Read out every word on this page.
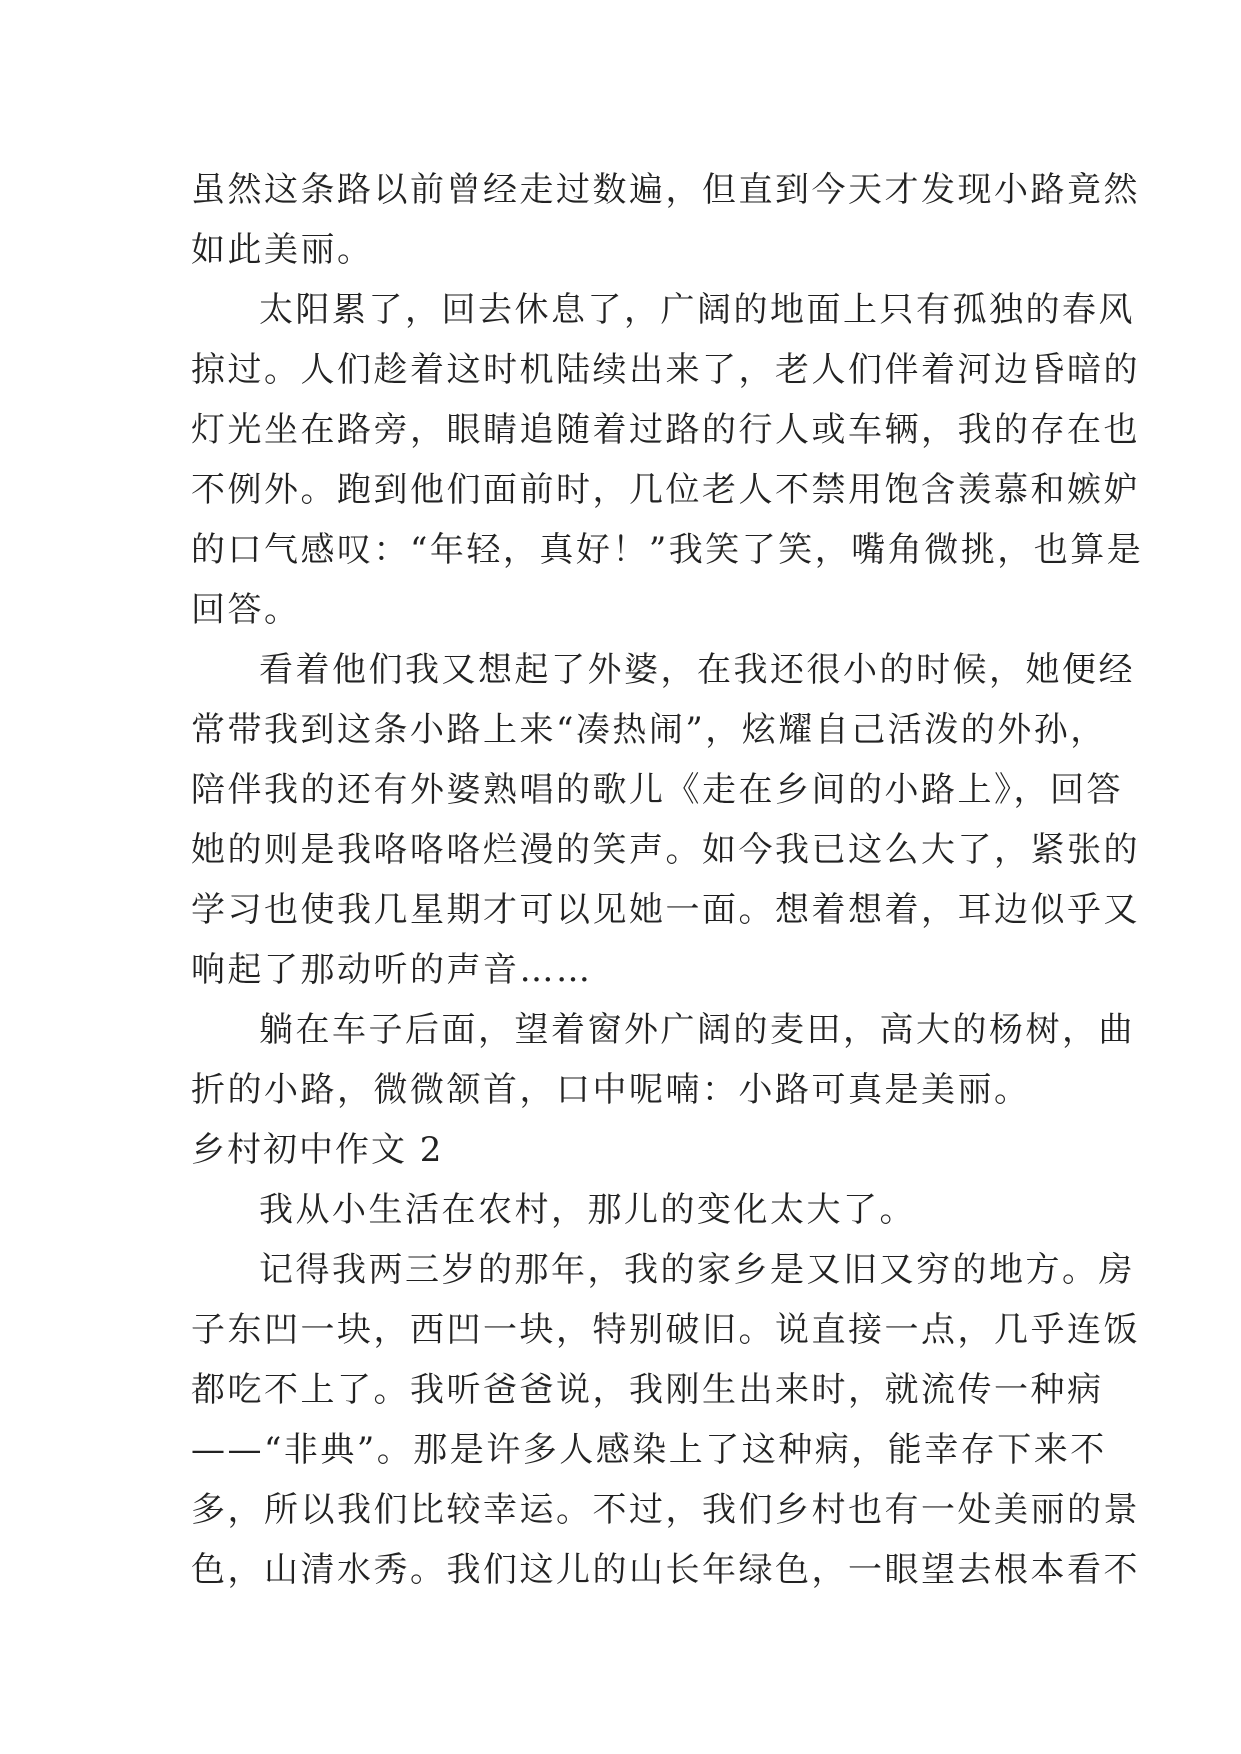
虽然这条路以前曾经走过数遍，但直到今天才发现小路竟然
如此美丽。
太阳累了，回去休息了，广阔的地面上只有孤独的春风
掠过。人们趁着这时机陆续出来了，老人们伴着河边昏暗的
灯光坐在路旁，眼睛追随着过路的行人或车辆，我的存在也
不例外。跑到他们面前时，几位老人不禁用饱含羡慕和嫉妒
的口气感叹：“年轻，真好！”我笑了笑，嘴角微挑，也算是
回答。
看着他们我又想起了外婆，在我还很小的时候，她便经
常带我到这条小路上来“凑热闹”，炫耀自己活泼的外孙，
陪伴我的还有外婆熟唱的歌儿《走在乡间的小路上》，回答
她的则是我咯咯咯烂漫的笑声。如今我已这么大了，紧张的
学习也使我几星期才可以见她一面。想着想着，耳边似乎又
响起了那动听的声音……
躺在车子后面，望着窗外广阔的麦田，高大的杨树，曲
折的小路，微微颔首，口中呢喃：小路可真是美丽。
乡村初中作文 2
我从小生活在农村，那儿的变化太大了。
记得我两三岁的那年，我的家乡是又旧又穷的地方。房
子东凹一块，西凹一块，特别破旧。说直接一点，几乎连饭
都吃不上了。我听爸爸说，我刚生出来时，就流传一种病
——“非典”。那是许多人感染上了这种病，能幸存下来不
多，所以我们比较幸运。不过，我们乡村也有一处美丽的景
色，山清水秀。我们这儿的山长年绿色，一眼望去根本看不
